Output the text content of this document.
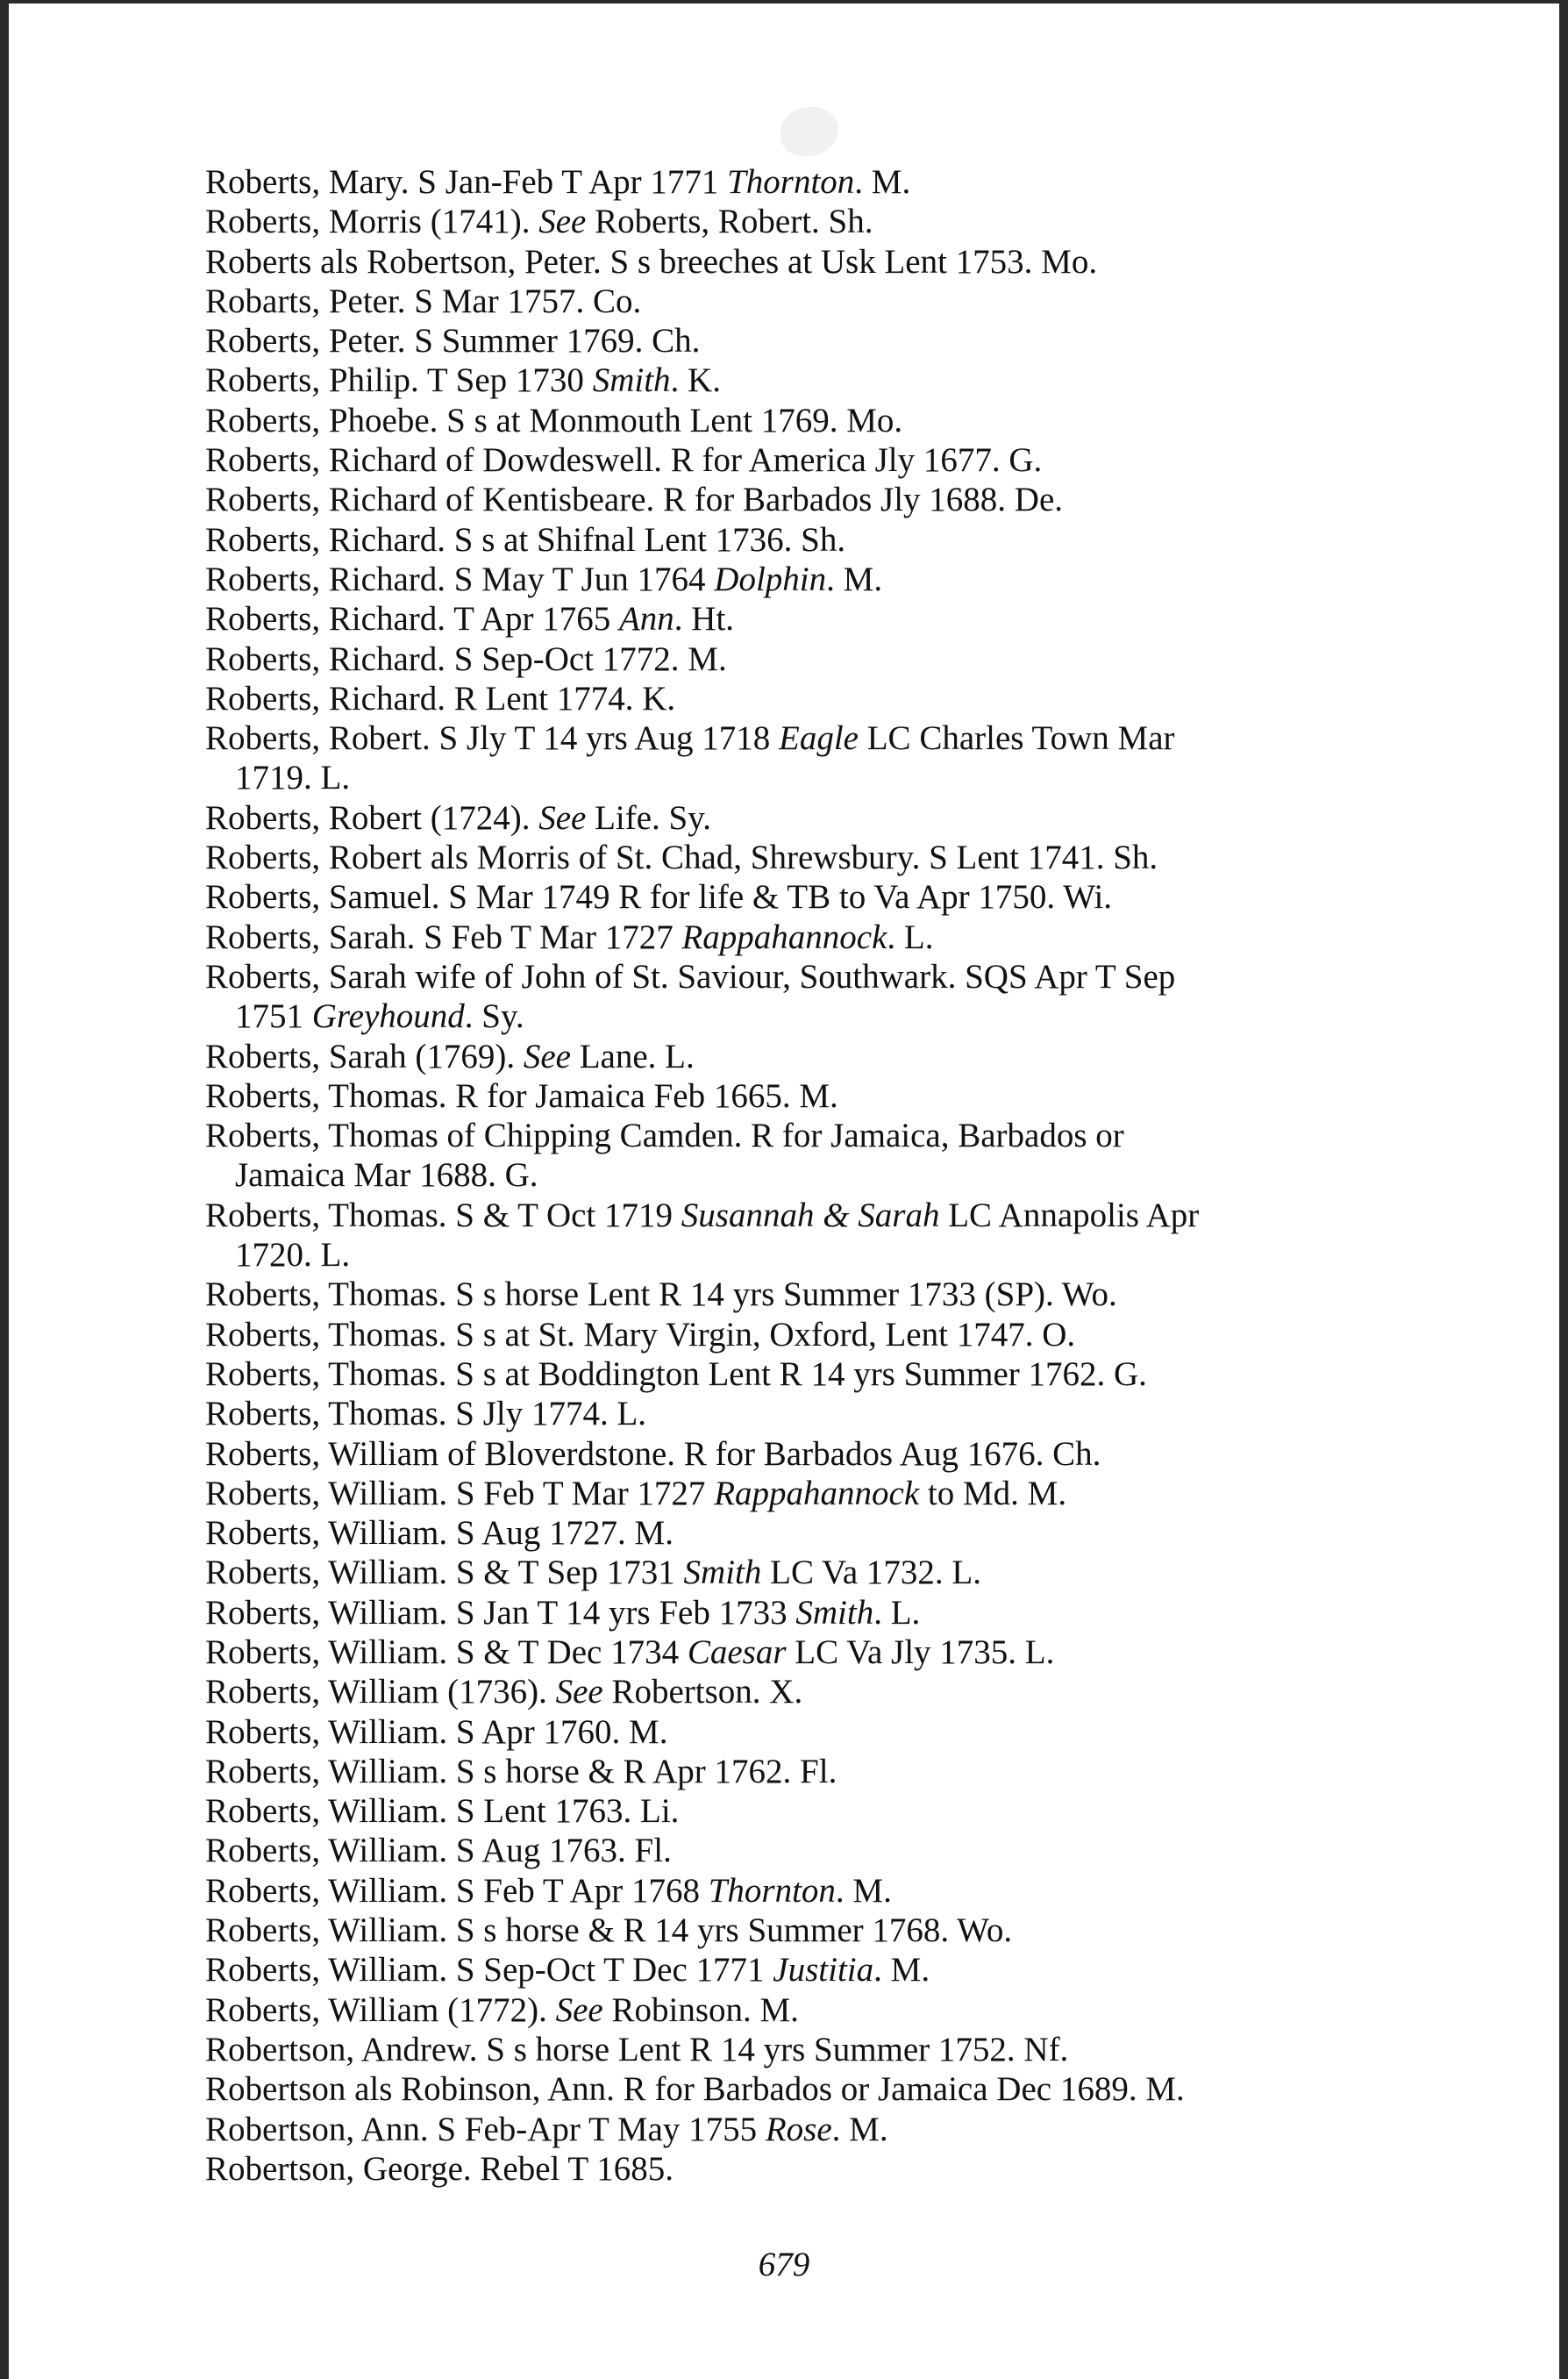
Roberts, Mary. S Jan-Feb T Apr 1771 Thornton. M.
Roberts, Morris (1741). See Roberts, Robert. Sh.
Roberts als Robertson, Peter. S s breeches at Usk Lent 1753. Mo.
Robarts, Peter. S Mar 1757. Co.
Roberts, Peter. S Summer 1769. Ch.
Roberts, Philip. T Sep 1730 Smith. K.
Roberts, Phoebe. S s at Monmouth Lent 1769. Mo.
Roberts, Richard of Dowdeswell. R for America Jly 1677. G.
Roberts, Richard of Kentisbeare. R for Barbados Jly 1688. De.
Roberts, Richard. S s at Shifnal Lent 1736. Sh.
Roberts, Richard. S May T Jun 1764 Dolphin. M.
Roberts, Richard. T Apr 1765 Ann. Ht.
Roberts, Richard. S Sep-Oct 1772. M.
Roberts, Richard. R Lent 1774. K.
Roberts, Robert. S Jly T 14 yrs Aug 1718 Eagle LC Charles Town Mar
1719. L.
Roberts, Robert (1724). See Life. Sy.
Roberts, Robert als Morris of St. Chad, Shrewsbury. S Lent 1741. Sh.
Roberts, Samuel. S Mar 1749 R for life & TB to Va Apr 1750. Wi.
Roberts, Sarah. S Feb T Mar 1727 Rappahannock. L.
Roberts, Sarah wife of John of St. Saviour, Southwark. SQS Apr T Sep
1751 Greyhound. Sy.
Roberts, Sarah (1769). See Lane. L.
Roberts, Thomas. R for Jamaica Feb 1665. M.
Roberts, Thomas of Chipping Camden. R for Jamaica, Barbados or
Jamaica Mar 1688. G.
Roberts, Thomas. S & T Oct 1719 Susannah & Sarah LC Annapolis Apr
1720. L.
Roberts, Thomas. S s horse Lent R 14 yrs Summer 1733 (SP). Wo.
Roberts, Thomas. S s at St. Mary Virgin, Oxford, Lent 1747. O.
Roberts, Thomas. S s at Boddington Lent R 14 yrs Summer 1762. G.
Roberts, Thomas. S Jly 1774. L.
Roberts, William of Bloverdstone. R for Barbados Aug 1676. Ch.
Roberts, William. S Feb T Mar 1727 Rappahannock to Md. M.
Roberts, William. S Aug 1727. M.
Roberts, William. S & T Sep 1731 Smith LC Va 1732. L.
Roberts, William. S Jan T 14 yrs Feb 1733 Smith. L.
Roberts, William. S & T Dec 1734 Caesar LC Va Jly 1735. L.
Roberts, William (1736). See Robertson. X.
Roberts, William. S Apr 1760. M.
Roberts, William. S s horse & R Apr 1762. Fl.
Roberts, William. S Lent 1763. Li.
Roberts, William. S Aug 1763. Fl.
Roberts, William. S Feb T Apr 1768 Thornton. M.
Roberts, William. S s horse & R 14 yrs Summer 1768. Wo.
Roberts, William. S Sep-Oct T Dec 1771 Justitia. M.
Roberts, William (1772). See Robinson. M.
Robertson, Andrew. S s horse Lent R 14 yrs Summer 1752. Nf.
Robertson als Robinson, Ann. R for Barbados or Jamaica Dec 1689. M.
Robertson, Ann. S Feb-Apr T May 1755 Rose. M.
Robertson, George. Rebel T 1685.
679
